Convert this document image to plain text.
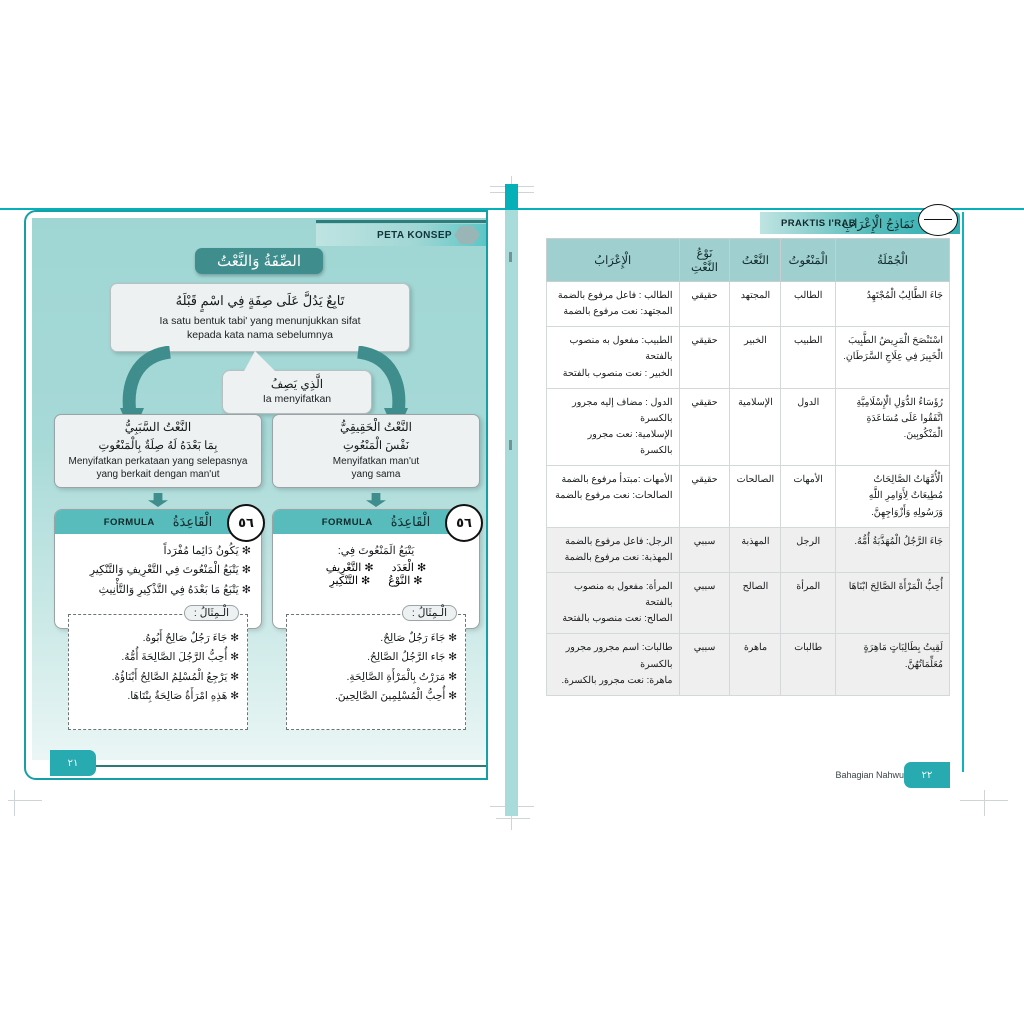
PETA KONSEP
الصِّفَةُ وَالنَّعْتُ
تَابِعٌ يَدُلَّ عَلَى صِفَةٍ فِي اسْمٍ قَبْلَهُ
Ia satu bentuk tabi' yang menunjukkan sifat
kepada kata nama sebelumnya
الَّذِي يَصِفُ
Ia menyifatkan
النَّعْتُ السَّبَبِيُّ
بِمَا بَعْدَهُ لَهُ صِلَةٌ بِالْمَنْعُوتِ
Menyifatkan perkataan yang selepasnya
yang berkait dengan man'ut
النَّعْتُ الْحَقِيقِيُّ
نَفْسَ الْمَنْعُوتِ
Menyifatkan man'ut
yang sama
FORMULA الْقَاعِدَةُ	٥٦
✻ يَكُونُ دَائِما مُفْرَداً
✻ يَتْبَعُ الْمَنْعُوتَ فِي التَّعْرِيفِ وَالتَّنْكِيرِ
✻ يَتْبَعُ مَا بَعْدَهُ فِي التَّذْكِيرِ وَالتَّأْنِيثِ
FORMULA الْقَاعِدَةُ	٥٦
يَتْبَعُ الَمَنْعُوتَ فِي:
✻ الْعَدَد
✻ التَّعْرِيفِ
✻ النَّوْعُ
✻ التَّنْكِيرِ
الْـمِثَالُ :
✻ جَاءَ رَجُلٌ صَالِحٌ أَبُوهُ.
✻ أُحِبُّ الرَّجُلَ الصَّالِحَةَ أُمُّهُ.
✻ يَرْجِعُ الْمُسْلِمُ الصَّالِحُ أَبْنَاؤُهُ.
✻ هَذِهِ امْرَأَةٌ صَالِحَةٌ بِنْتَاهَا.
الْـمِثَالُ :
✻ جَاءَ رَجُلٌ صَالِحٌ.
✻ جَاء الرَّجُلُ الصَّالِحُ.
✻ مَرَرْتُ بِالْمَرْأَةِ الصَّالِحَةِ.
✻ أُحِبُّ الْمُسْلِمِينَ الصَّالِحِينَ.
٢١
PRAKTIS I'RAB
نَمَاذِجُ الْإِعْرَابِ
الْجُمْلَةُ	الْمَنْعُوتُ	النَّعْتُ	نَوْعُ النَّعْتِ	الْإِعْرَابُ
جَاءَ الطَّالِبُ الْمُجْتَهِدُ	الطالب	المجتهد	حقيقي	الطالب : فاعل مرفوع بالضمة
المجتهد: نعت مرفوع بالضمة

اسْتَنْصَحَ الْمَرِيضُ الطَّبِيبَ الْخَبِيرَ فِي عِلَاجِ السَّرَطَانِ.	الطبيب	الخبير	حقيقي	الطبيب: مفعول به منصوب بالفتحة
الخبير : نعت منصوب بالفتحة

رُؤَسَاءُ الدُّوَلِ الْإِسْلَامِيَّةِ اتَّفَقُوا عَلَى مُسَاعَدَةِ الْمَنْكُوبِينَ.	الدول	الإسلامية	حقيقي	الدول : مضاف إليه مجرور بالكسرة
الإسلامية: نعت مجرور بالكسرة

الْأُمَّهَاتُ الصَّالِحَاتُ مُطِيعَاتٌ لِأَوَامِرِ اللَّهِ وَرَسُولِهِ وَأَزْوَاجِهِنَّ.	الأمهات	الصالحات	حقيقي	الأمهات :مبتدأ مرفوع بالضمة
الصالحات: نعت مرفوع بالضمة

جَاءَ الرَّجُلُ الْمُهَذَّبَةُ أُمُّهُ.	الرجل	المهذبة	سببي	الرجل: فاعل مرفوع بالضمة
المهذبة: نعت مرفوع بالضمة

أُحِبُّ الْمَرْأَةَ الصَّالِحَ ابْنَاهَا	المرأة	الصالح	سببي	المرأة: مفعول به منصوب بالفتحة
الصالح: نعت منصوب بالفتحة

لَقِيتُ بِطَالِبَاتٍ مَاهِرَةٍ مُعَلِّمَاتُهُنَّ.	طالبات	ماهرة	سببي	طالبات: اسم مجرور مجرور بالكسرة
ماهرة: نعت مجرور بالكسرة.
Bahagian Nahwu	٢٢
